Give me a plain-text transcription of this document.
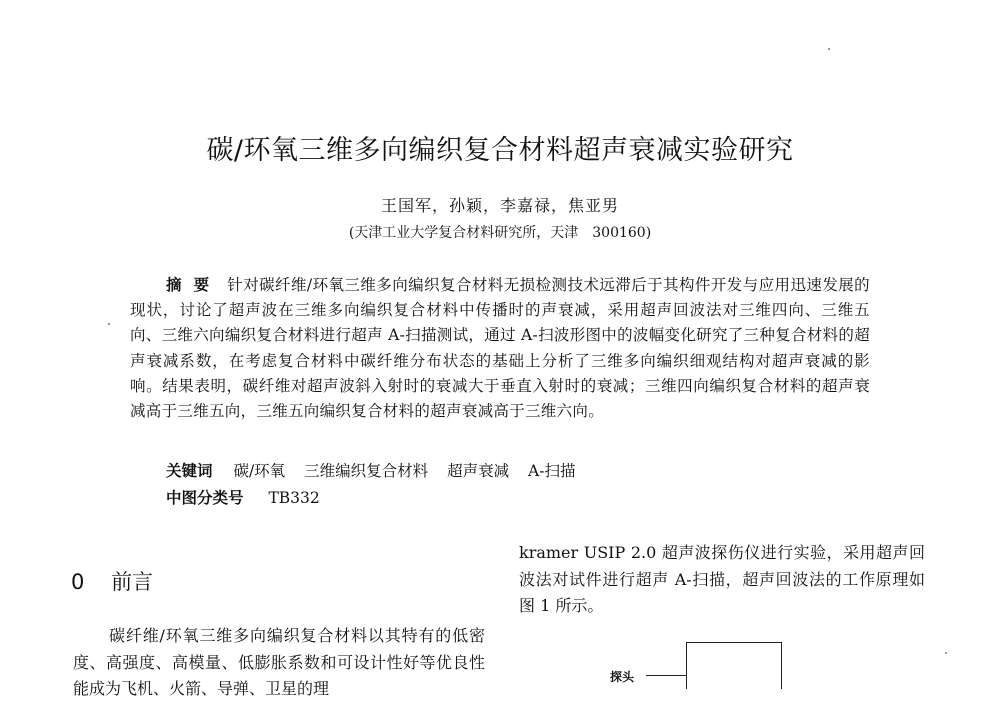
碳/环氧三维多向编织复合材料超声衰减实验研究
王国军，孙颖，李嘉禄，焦亚男
(天津工业大学复合材料研究所，天津　300160)
摘要 针对碳纤维/环氧三维多向编织复合材料无损检测技术远滞后于其构件开发与应用迅速发展的现状，讨论了超声波在三维多向编织复合材料中传播时的声衰减，采用超声回波法对三维四向、三维五向、三维六向编织复合材料进行超声 A-扫描测试，通过 A-扫波形图中的波幅变化研究了三种复合材料的超声衰减系数，在考虑复合材料中碳纤维分布状态的基础上分析了三维多向编织细观结构对超声衰减的影响。结果表明，碳纤维对超声波斜入射时的衰减大于垂直入射时的衰减；三维四向编织复合材料的超声衰减高于三维五向，三维五向编织复合材料的超声衰减高于三维六向。
关键词 碳/环氧 三维编织复合材料 超声衰减 A-扫描
中图分类号 TB332
0 前言
碳纤维/环氧三维多向编织复合材料以其特有的低密度、高强度、高模量、低膨胀系数和可设计性好等优良性能成为飞机、火箭、导弹、卫星的理
kramer USIP 2.0 超声波探伤仪进行实验，采用超声回波法对试件进行超声 A-扫描，超声回波法的工作原理如图 1 所示。
探头
